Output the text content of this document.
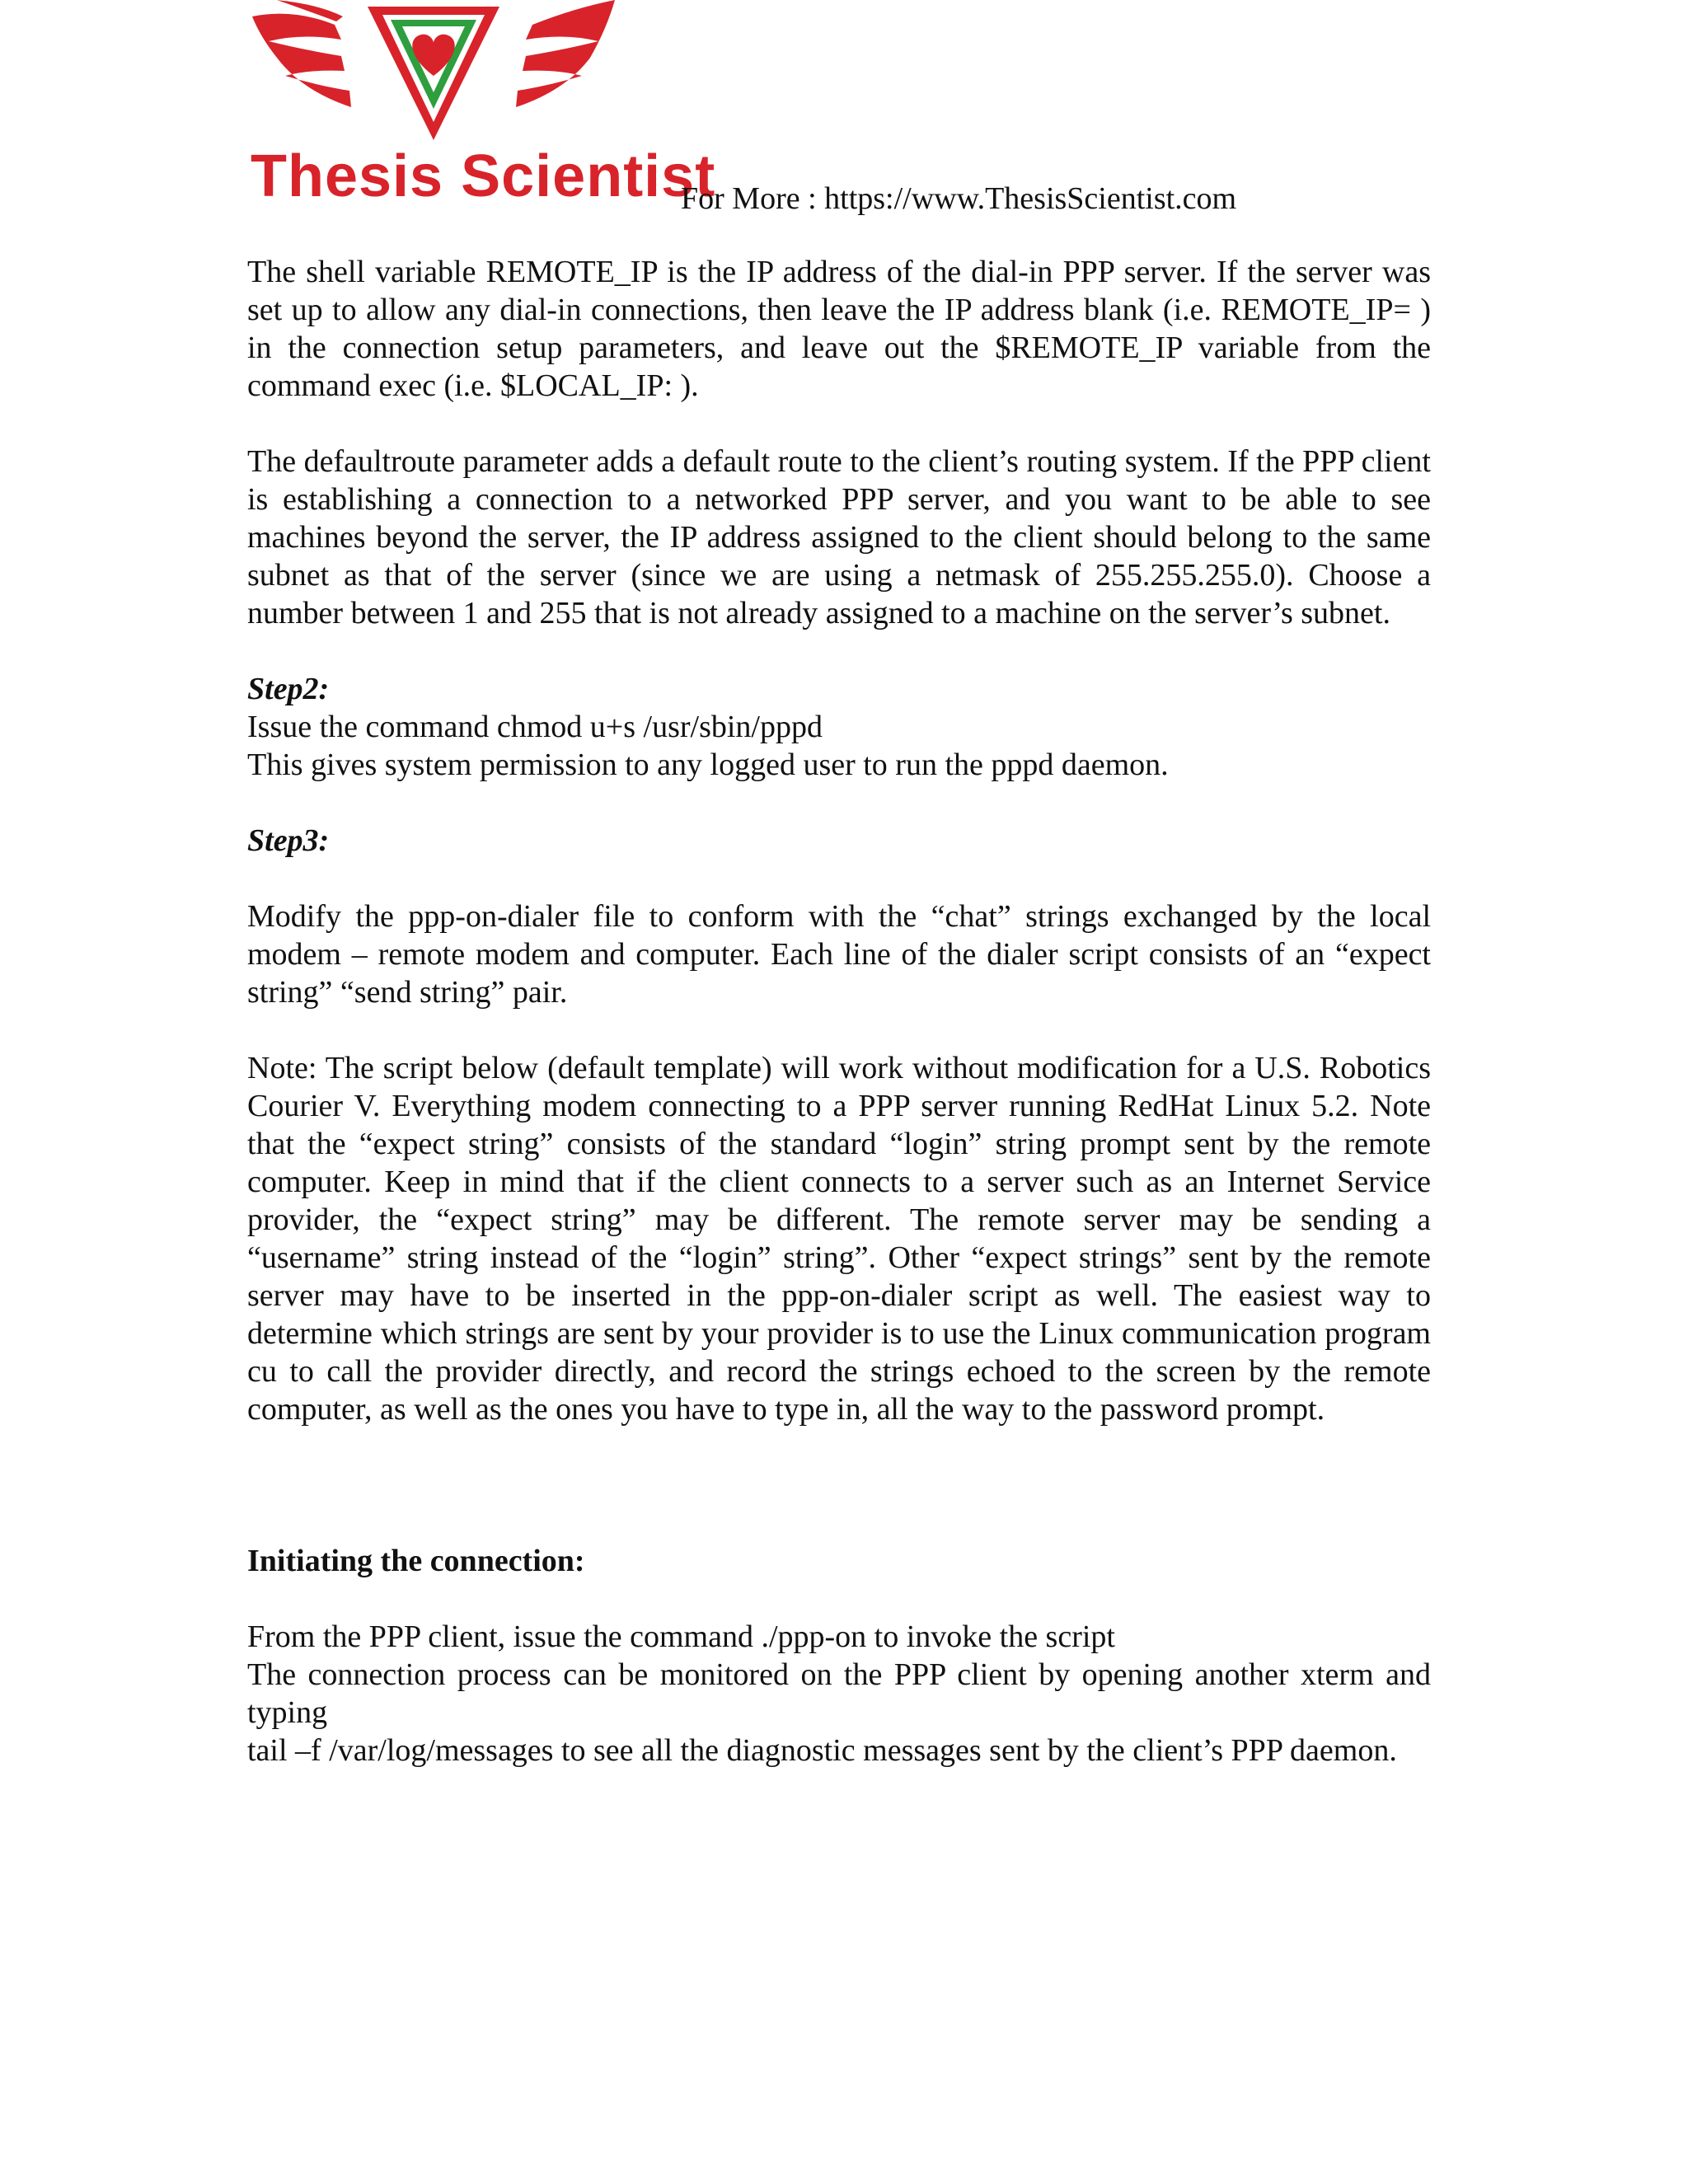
Thesis Scientist
For More : https://www.ThesisScientist.com

The shell variable REMOTE_IP is the IP address of the dial-in PPP server. If the server was set up to allow any dial-in connections, then leave the IP address blank (i.e. REMOTE_IP= ) in the connection setup parameters, and leave out the $REMOTE_IP variable from the command exec (i.e. $LOCAL_IP: ).

The defaultroute parameter adds a default route to the client’s routing system. If the PPP client is establishing a connection to a networked PPP server, and you want to be able to see machines beyond the server, the IP address assigned to the client should belong to the same subnet as that of the server (since we are using a netmask of 255.255.255.0). Choose a number between 1 and 255 that is not already assigned to a machine on the server’s subnet.

Step2:

Issue the command chmod u+s /usr/sbin/pppd

This gives system permission to any logged user to run the pppd daemon.

Step3:

Modify the ppp-on-dialer file to conform with the “chat” strings exchanged by the local modem – remote modem and computer. Each line of the dialer script consists of an “expect string” “send string” pair.

Note: The script below (default template) will work without modification for a U.S. Robotics Courier V. Everything modem connecting to a PPP server running RedHat Linux 5.2. Note that the “expect string” consists of the standard “login” string prompt sent by the remote computer. Keep in mind that if the client connects to a server such as an Internet Service provider, the “expect string” may be different. The remote server may be sending a “username” string instead of the “login” string”. Other “expect strings” sent by the remote server may have to be inserted in the ppp-on-dialer script as well. The easiest way to determine which strings are sent by your provider is to use the Linux communication program cu to call the provider directly, and record the strings echoed to the screen by the remote computer, as well as the ones you have to type in, all the way to the password prompt.

Initiating the connection:

From the PPP client, issue the command ./ppp-on to invoke the script

The connection process can be monitored on the PPP client by opening another xterm and typing

tail –f /var/log/messages to see all the diagnostic messages sent by the client’s PPP daemon.
